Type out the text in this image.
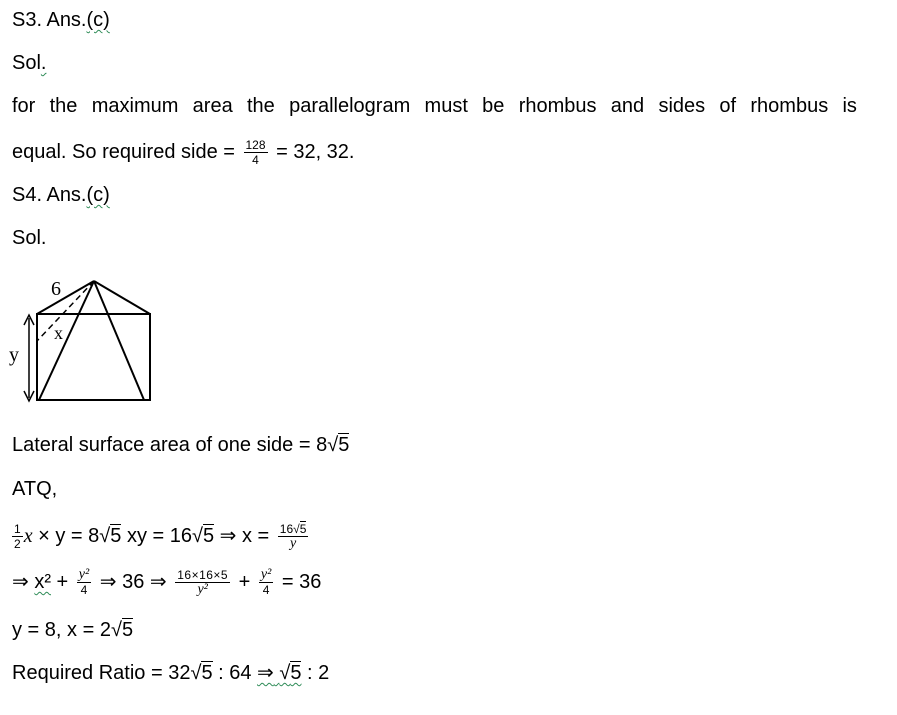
S3. Ans.(c)
Sol.
for the maximum area the parallelogram must be rhombus and sides of rhombus is
equal. So required side = $\frac{128}{4} = 32$, 32.
S4. Ans.(c)
Sol.
6
x
y
Lateral surface area of one side = 8√5
ATQ,
$\frac{1}{2}$ x × y = 8√5 xy = 16√5 ⇒ $x = \frac{16√5}{y}$
⇒ $x^2 + \frac{\text{y²}}{4}$ ⇒ 36 ⇒ $\frac{16\times 16\times 5}{\text{y²}} + \frac{\text{y²}}{4} = 36$
y = 8, x = 2√5
Required Ratio = 32√5 : 64 ⇒ √5 : 2
